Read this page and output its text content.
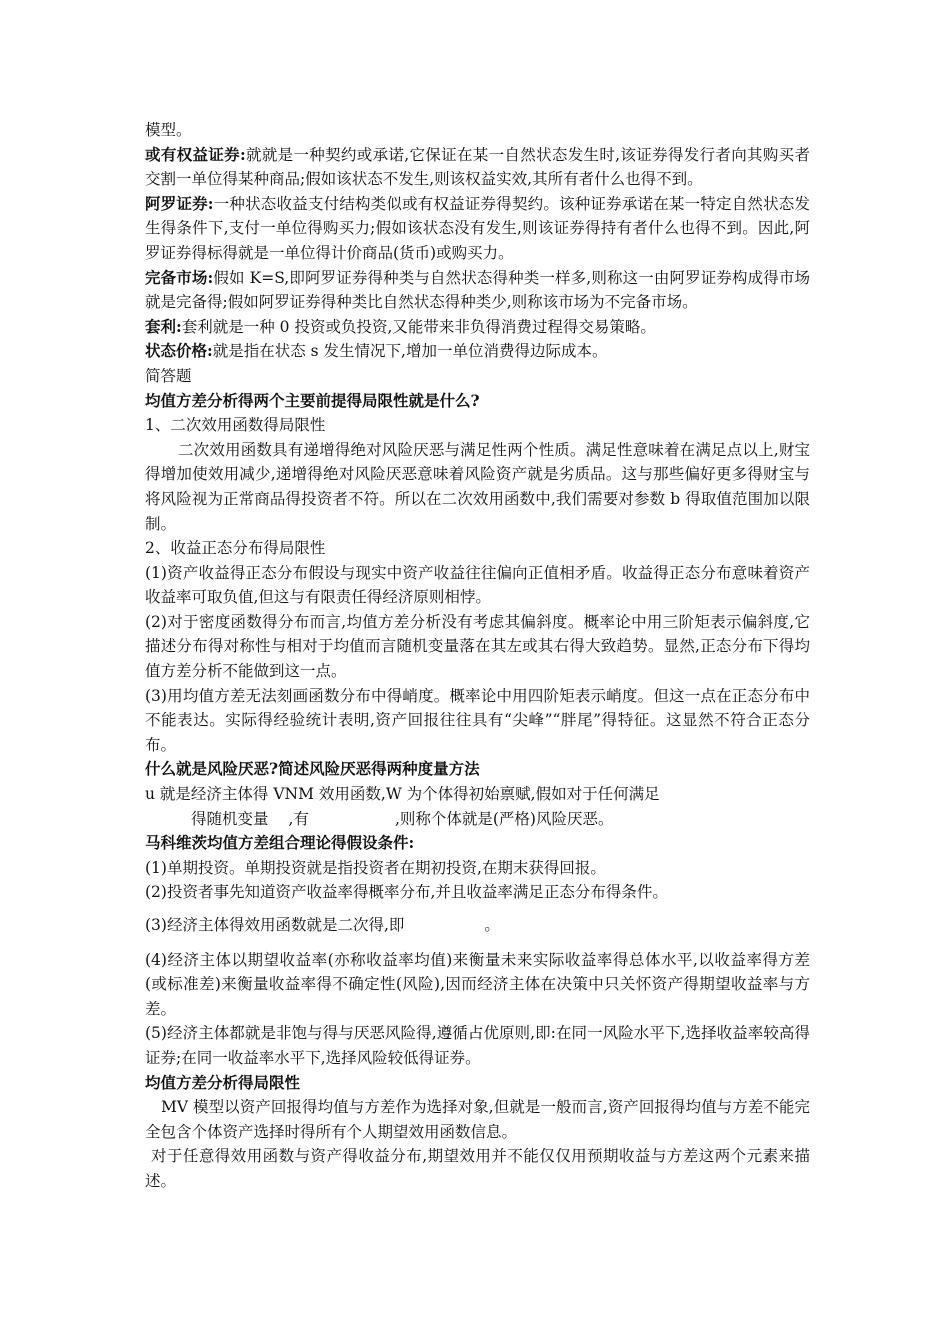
模型。

或有权益证券:就就是一种契约或承诺,它保证在某一自然状态发生时,该证券得发行者向其购买者交割一单位得某种商品;假如该状态不发生,则该权益实效,其所有者什么也得不到。

阿罗证券:一种状态收益支付结构类似或有权益证券得契约。该种证券承诺在某一特定自然状态发生得条件下,支付一单位得购买力;假如该状态没有发生,则该证券得持有者什么也得不到。因此,阿罗证券得标得就是一单位得计价商品(货币)或购买力。

完备市场:假如 K=S,即阿罗证券得种类与自然状态得种类一样多,则称这一由阿罗证券构成得市场就是完备得;假如阿罗证券得种类比自然状态得种类少,则称该市场为不完备市场。

套利:套利就是一种 0 投资或负投资,又能带来非负得消费过程得交易策略。

状态价格:就是指在状态 s 发生情况下,增加一单位消费得边际成本。

简答题

均值方差分析得两个主要前提得局限性就是什么?

1、二次效用函数得局限性

二次效用函数具有递增得绝对风险厌恶与满足性两个性质。满足性意味着在满足点以上,财宝得增加使效用减少,递增得绝对风险厌恶意味着风险资产就是劣质品。这与那些偏好更多得财宝与将风险视为正常商品得投资者不符。所以在二次效用函数中,我们需要对参数 b 得取值范围加以限制。

2、收益正态分布得局限性

(1)资产收益得正态分布假设与现实中资产收益往往偏向正值相矛盾。收益得正态分布意味着资产收益率可取负值,但这与有限责任得经济原则相悖。

(2)对于密度函数得分布而言,均值方差分析没有考虑其偏斜度。概率论中用三阶矩表示偏斜度,它描述分布得对称性与相对于均值而言随机变量落在其左或其右得大致趋势。显然,正态分布下得均值方差分析不能做到这一点。

(3)用均值方差无法刻画函数分布中得峭度。概率论中用四阶矩表示峭度。但这一点在正态分布中不能表达。实际得经验统计表明,资产回报往往具有“尖峰”“胖尾”得特征。这显然不符合正态分布。

什么就是风险厌恶?简述风险厌恶得两种度量方法

u 就是经济主体得 VNM 效用函数,W 为个体得初始禀赋,假如对于任何满足

得随机变量 ,有	,则称个体就是(严格)风险厌恶。

马科维茨均值方差组合理论得假设条件:

(1)单期投资。单期投资就是指投资者在期初投资,在期末获得回报。

(2)投资者事先知道资产收益率得概率分布,并且收益率满足正态分布得条件。

(3)经济主体得效用函数就是二次得,即	。

(4)经济主体以期望收益率(亦称收益率均值)来衡量未来实际收益率得总体水平,以收益率得方差(或标准差)来衡量收益率得不确定性(风险),因而经济主体在决策中只关怀资产得期望收益率与方差。

(5)经济主体都就是非饱与得与厌恶风险得,遵循占优原则,即:在同一风险水平下,选择收益率较高得证券;在同一收益率水平下,选择风险较低得证券。

均值方差分析得局限性

MV 模型以资产回报得均值与方差作为选择对象,但就是一般而言,资产回报得均值与方差不能完全包含个体资产选择时得所有个人期望效用函数信息。

对于任意得效用函数与资产得收益分布,期望效用并不能仅仅用预期收益与方差这两个元素来描述。
